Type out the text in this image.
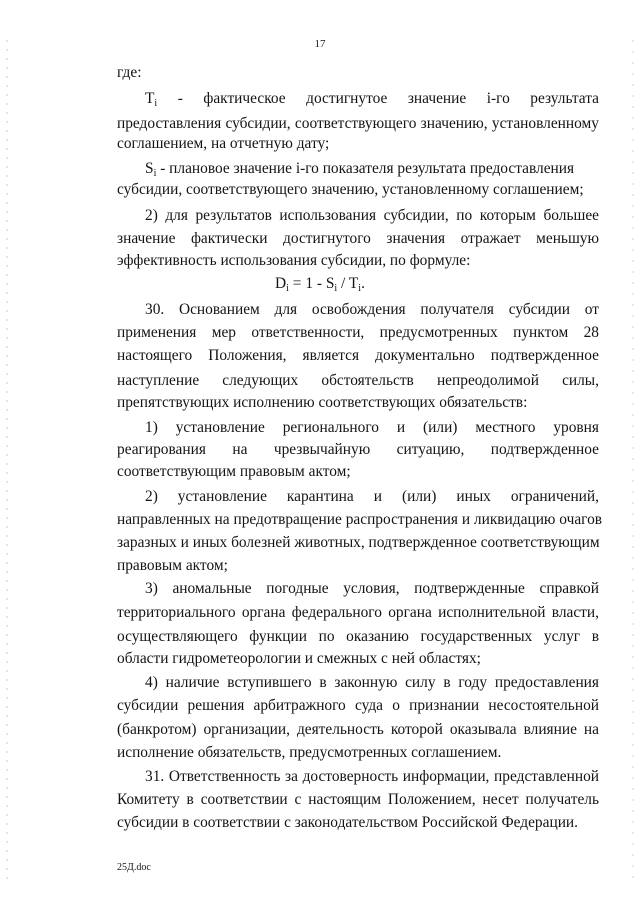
17
где:
$T_i$ - фактическое достигнутое значение i-го результата
предоставления субсидии, соответствующего значению, установленному
соглашением, на отчетную дату;
$S_i$ - плановое значение i-го показателя результата предоставления
субсидии, соответствующего значению, установленному соглашением;
2) для результатов использования субсидии, по которым большее
значение фактически достигнутого значения отражает меньшую
эффективность использования субсидии, по формуле:
$D_i = 1 - S_i / T_i$.
30. Основанием для освобождения получателя субсидии от
применения мер ответственности, предусмотренных пунктом 28
настоящего Положения, является документально подтвержденное
наступление следующих обстоятельств непреодолимой силы,
препятствующих исполнению соответствующих обязательств:
1) установление регионального и (или) местного уровня
реагирования на чрезвычайную ситуацию, подтвержденное
соответствующим правовым актом;
2) установление карантина и (или) иных ограничений,
направленных на предотвращение распространения и ликвидацию очагов
заразных и иных болезней животных, подтвержденное соответствующим
правовым актом;
3) аномальные погодные условия, подтвержденные справкой
территориального органа федерального органа исполнительной власти,
осуществляющего функции по оказанию государственных услуг в
области гидрометеорологии и смежных с ней областях;
4) наличие вступившего в законную силу в году предоставления
субсидии решения арбитражного суда о признании несостоятельной
(банкротом) организации, деятельность которой оказывала влияние на
исполнение обязательств, предусмотренных соглашением.
31. Ответственность за достоверность информации, представленной
Комитету в соответствии с настоящим Положением, несет получатель
субсидии в соответствии с законодательством Российской Федерации.
25Д.doc
